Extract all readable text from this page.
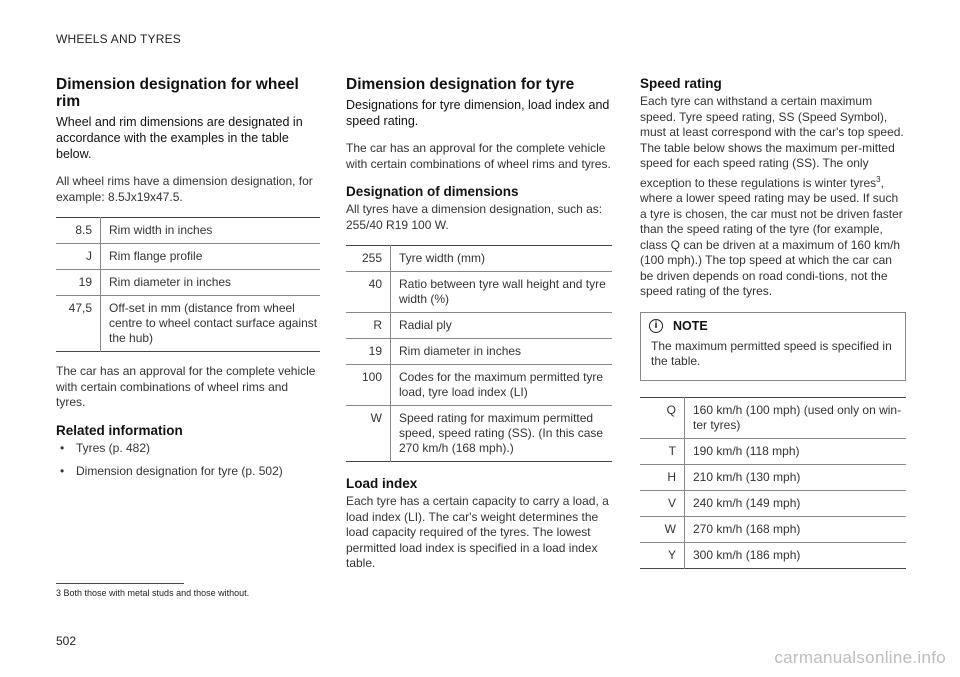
WHEELS AND TYRES
Dimension designation for wheel rim
Wheel and rim dimensions are designated in accordance with the examples in the table below.

All wheel rims have a dimension designation, for example: 8.5Jx19x47.5.

8.5	Rim width in inches
J	Rim flange profile
19	Rim diameter in inches
47,5	Off-set in mm (distance from wheel centre to wheel contact surface against the hub)

The car has an approval for the complete vehicle with certain combinations of wheel rims and tyres.

Related information
• Tyres (p. 482)
• Dimension designation for tyre (p. 502)
Dimension designation for tyre
Designations for tyre dimension, load index and speed rating.

The car has an approval for the complete vehicle with certain combinations of wheel rims and tyres.

Designation of dimensions

All tyres have a dimension designation, such as: 255/40 R19 100 W.

255	Tyre width (mm)
40	Ratio between tyre wall height and tyre width (%)
R	Radial ply
19	Rim diameter in inches
100	Codes for the maximum permitted tyre load, tyre load index (LI)
W	Speed rating for maximum permitted speed, speed rating (SS). (In this case 270 km/h (168 mph).)
Load index

Each tyre has a certain capacity to carry a load, a load index (LI). The car's weight determines the load capacity required of the tyres. The lowest permitted load index is specified in a load index table.

Speed rating

Each tyre can withstand a certain maximum speed. Tyre speed rating, SS (Speed Symbol), must at least correspond with the car's top speed. The table below shows the maximum per-mitted speed for each speed rating (SS). The only exception to these regulations is winter tyres$^3$, where a lower speed rating may be used. If such a tyre is chosen, the car must not be driven faster than the speed rating of the tyre (for example, class Q can be driven at a maximum of 160 km/h (100 mph).) The top speed at which the car can be driven depends on road condi-tions, not the speed rating of the tyres.

i	NOTE
The maximum permitted speed is specified in the table.
Q	160 km/h (100 mph) (used only on win-ter tyres)
T	190 km/h (118 mph)
H	210 km/h (130 mph)
V	240 km/h (149 mph)
W	270 km/h (168 mph)
Y	300 km/h (186 mph)
3 Both those with metal studs and those without.
502
carmanualsonline.info
